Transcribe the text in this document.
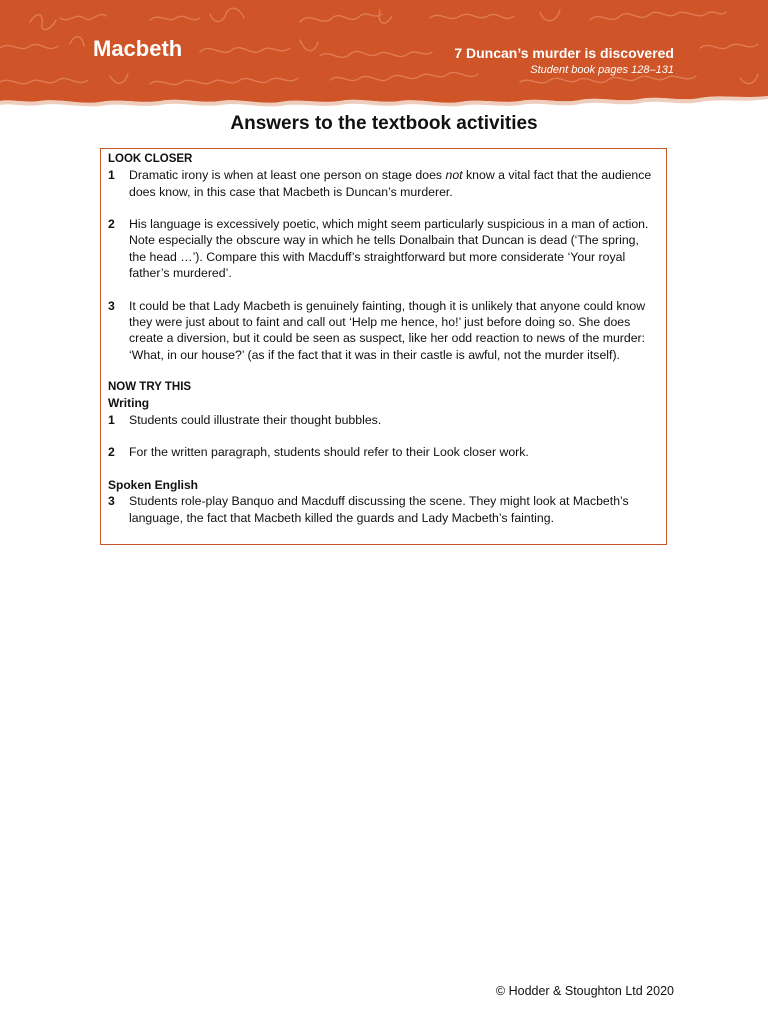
Macbeth	7 Duncan’s murder is discovered
Student book pages 128–131
Answers to the textbook activities
LOOK CLOSER
1	Dramatic irony is when at least one person on stage does not know a vital fact that the audience does know, in this case that Macbeth is Duncan’s murderer.
2	His language is excessively poetic, which might seem particularly suspicious in a man of action. Note especially the obscure way in which he tells Donalbain that Duncan is dead (‘The spring, the head …’). Compare this with Macduff’s straightforward but more considerate ‘Your royal father’s murdered’.
3	It could be that Lady Macbeth is genuinely fainting, though it is unlikely that anyone could know they were just about to faint and call out ‘Help me hence, ho!’ just before doing so. She does create a diversion, but it could be seen as suspect, like her odd reaction to news of the murder: ‘What, in our house?’ (as if the fact that it was in their castle is awful, not the murder itself).
NOW TRY THIS
Writing
1	Students could illustrate their thought bubbles.
2	For the written paragraph, students should refer to their Look closer work.
Spoken English
3	Students role-play Banquo and Macduff discussing the scene. They might look at Macbeth’s language, the fact that Macbeth killed the guards and Lady Macbeth’s fainting.
© Hodder & Stoughton Ltd 2020
